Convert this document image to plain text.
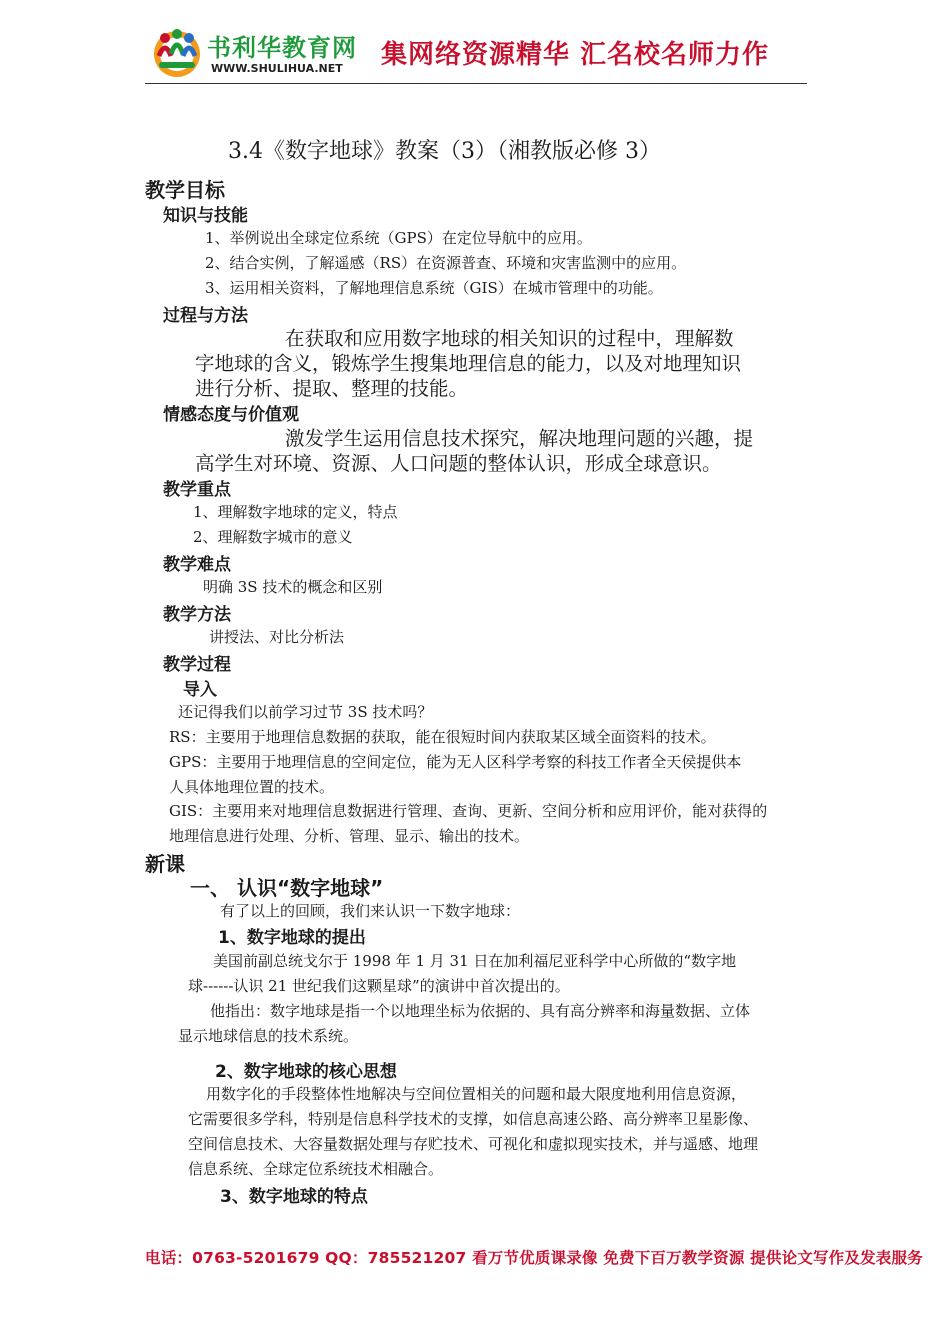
书利华教育网
WWW.SHULIHUA.NET 集网络资源精华 汇名校名师力作
3.4《数字地球》教案（3）（湘教版必修 3）
教学目标
知识与技能
1、举例说出全球定位系统（GPS）在定位导航中的应用。
2、结合实例，了解遥感（RS）在资源普查、环境和灾害监测中的应用。
3、运用相关资料，了解地理信息系统（GIS）在城市管理中的功能。
过程与方法
在获取和应用数字地球的相关知识的过程中，理解数
字地球的含义，锻炼学生搜集地理信息的能力，以及对地理知识
进行分析、提取、整理的技能。
情感态度与价值观
激发学生运用信息技术探究，解决地理问题的兴趣，提
高学生对环境、资源、人口问题的整体认识，形成全球意识。
教学重点
1、理解数字地球的定义，特点
2、理解数字城市的意义
教学难点
明确 3S 技术的概念和区别
教学方法
讲授法、对比分析法
教学过程
导入
还记得我们以前学习过节 3S 技术吗？
RS：主要用于地理信息数据的获取，能在很短时间内获取某区域全面资料的技术。
GPS：主要用于地理信息的空间定位，能为无人区科学考察的科技工作者全天侯提供本
人具体地理位置的技术。
GIS：主要用来对地理信息数据进行管理、查询、更新、空间分析和应用评价，能对获得的
地理信息进行处理、分析、管理、显示、输出的技术。
新课
一、 认识“数字地球”
有了以上的回顾，我们来认识一下数字地球：
1、数字地球的提出
美国前副总统戈尔于 1998 年 1 月 31 日在加利福尼亚科学中心所做的“数字地
球------认识 21 世纪我们这颗星球”的演讲中首次提出的。
他指出：数字地球是指一个以地理坐标为依据的、具有高分辨率和海量数据、立体
显示地球信息的技术系统。
2、数字地球的核心思想
用数字化的手段整体性地解决与空间位置相关的问题和最大限度地利用信息资源，
它需要很多学科，特别是信息科学技术的支撑，如信息高速公路、高分辨率卫星影像、
空间信息技术、大容量数据处理与存贮技术、可视化和虚拟现实技术，并与遥感、地理
信息系统、全球定位系统技术相融合。
3、数字地球的特点
电话：0763-5201679 QQ：785521207 看万节优质课录像 免费下百万教学资源 提供论文写作及发表服务
